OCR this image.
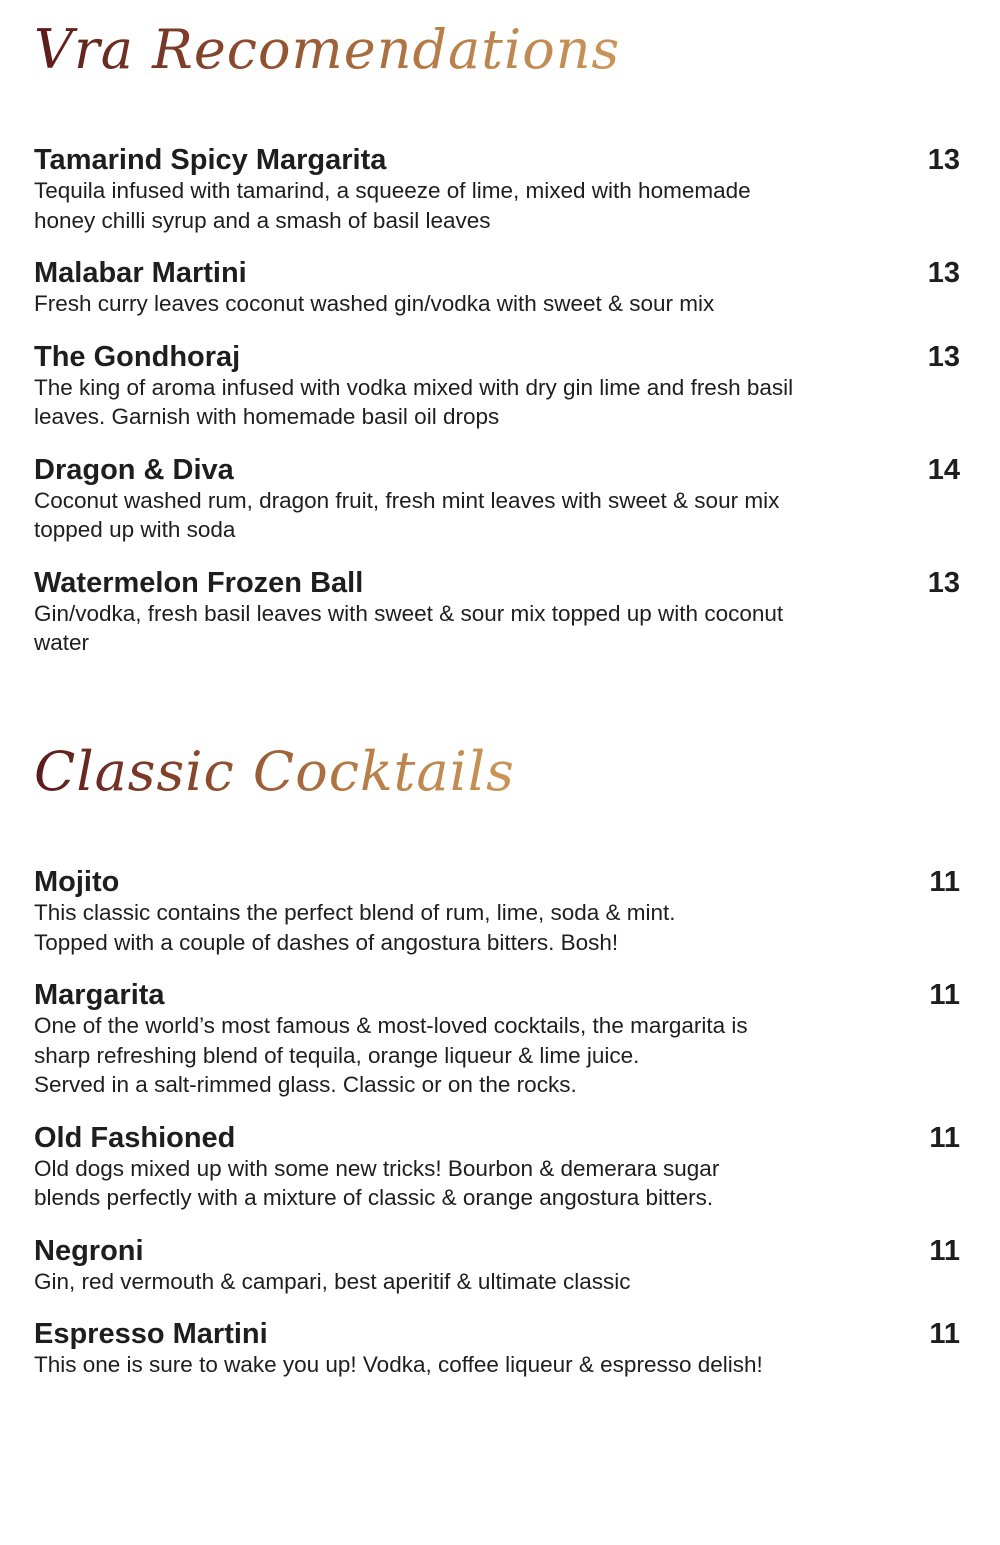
Vra Recomendations
Tamarind Spicy Margarita	13
Tequila infused with tamarind, a squeeze of lime, mixed with homemade
honey chilli syrup and a smash of basil leaves
Malabar Martini	13
Fresh curry leaves coconut washed gin/vodka with sweet & sour mix
The Gondhoraj	13
The king of aroma infused with vodka mixed with dry gin lime and fresh basil
leaves. Garnish with homemade basil oil drops
Dragon & Diva	14
Coconut washed rum, dragon fruit, fresh mint leaves with sweet & sour mix
topped up with soda
Watermelon Frozen Ball	13
Gin/vodka, fresh basil leaves with sweet & sour mix topped up with coconut
water
Classic Cocktails
Mojito	11
This classic contains the perfect blend of rum, lime, soda & mint.
Topped with a couple of dashes of angostura bitters. Bosh!
Margarita	11
One of the world’s most famous & most-loved cocktails, the margarita is
sharp refreshing blend of tequila, orange liqueur & lime juice.
Served in a salt-rimmed glass. Classic or on the rocks.
Old Fashioned	11
Old dogs mixed up with some new tricks! Bourbon & demerara sugar
blends perfectly with a mixture of classic & orange angostura bitters.
Negroni	11
Gin, red vermouth & campari, best aperitif & ultimate classic
Espresso Martini	11
This one is sure to wake you up! Vodka, coffee liqueur & espresso delish!
